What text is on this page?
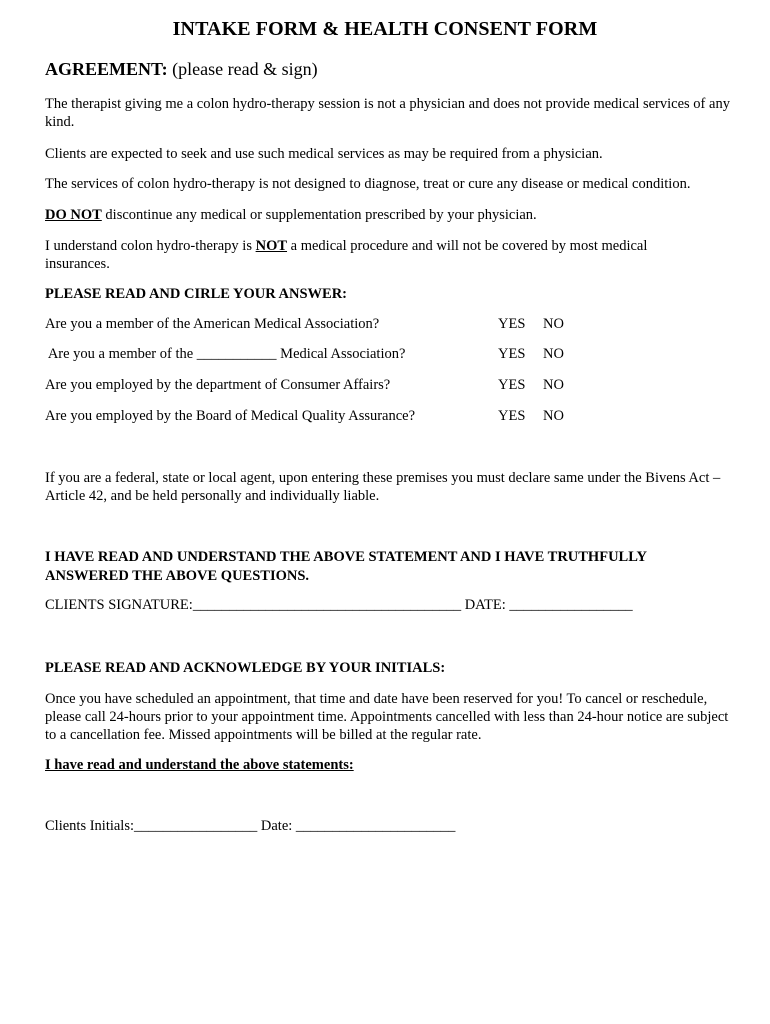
INTAKE FORM & HEALTH CONSENT FORM
AGREEMENT: (please read & sign)
The therapist giving me a colon hydro-therapy session is not a physician and does not provide medical services of any kind.
Clients are expected to seek and use such medical services as may be required from a physician.
The services of colon hydro-therapy is not designed to diagnose, treat or cure any disease or medical condition.
DO NOT discontinue any medical or supplementation prescribed by your physician.
I understand colon hydro-therapy is NOT a medical procedure and will not be covered by most medical insurances.
PLEASE READ AND CIRLE YOUR ANSWER:
Are you a member of the American Medical Association?	YES NO
Are you a member of the ___________ Medical Association?	YES NO
Are you employed by the department of Consumer Affairs?	YES NO
Are you employed by the Board of Medical Quality Assurance?	YES NO
If you are a federal, state or local agent, upon entering these premises you must declare same under the Bivens Act – Article 42, and be held personally and individually liable.
I HAVE READ AND UNDERSTAND THE ABOVE STATEMENT AND I HAVE TRUTHFULLY ANSWERED THE ABOVE QUESTIONS.
CLIENTS SIGNATURE:_____________________________________ DATE: _________________
PLEASE READ AND ACKNOWLEDGE BY YOUR INITIALS:
Once you have scheduled an appointment, that time and date have been reserved for you! To cancel or reschedule, please call 24-hours prior to your appointment time. Appointments cancelled with less than 24-hour notice are subject to a cancellation fee. Missed appointments will be billed at the regular rate.
I have read and understand the above statements:
Clients Initials:_________________ Date: ______________________
